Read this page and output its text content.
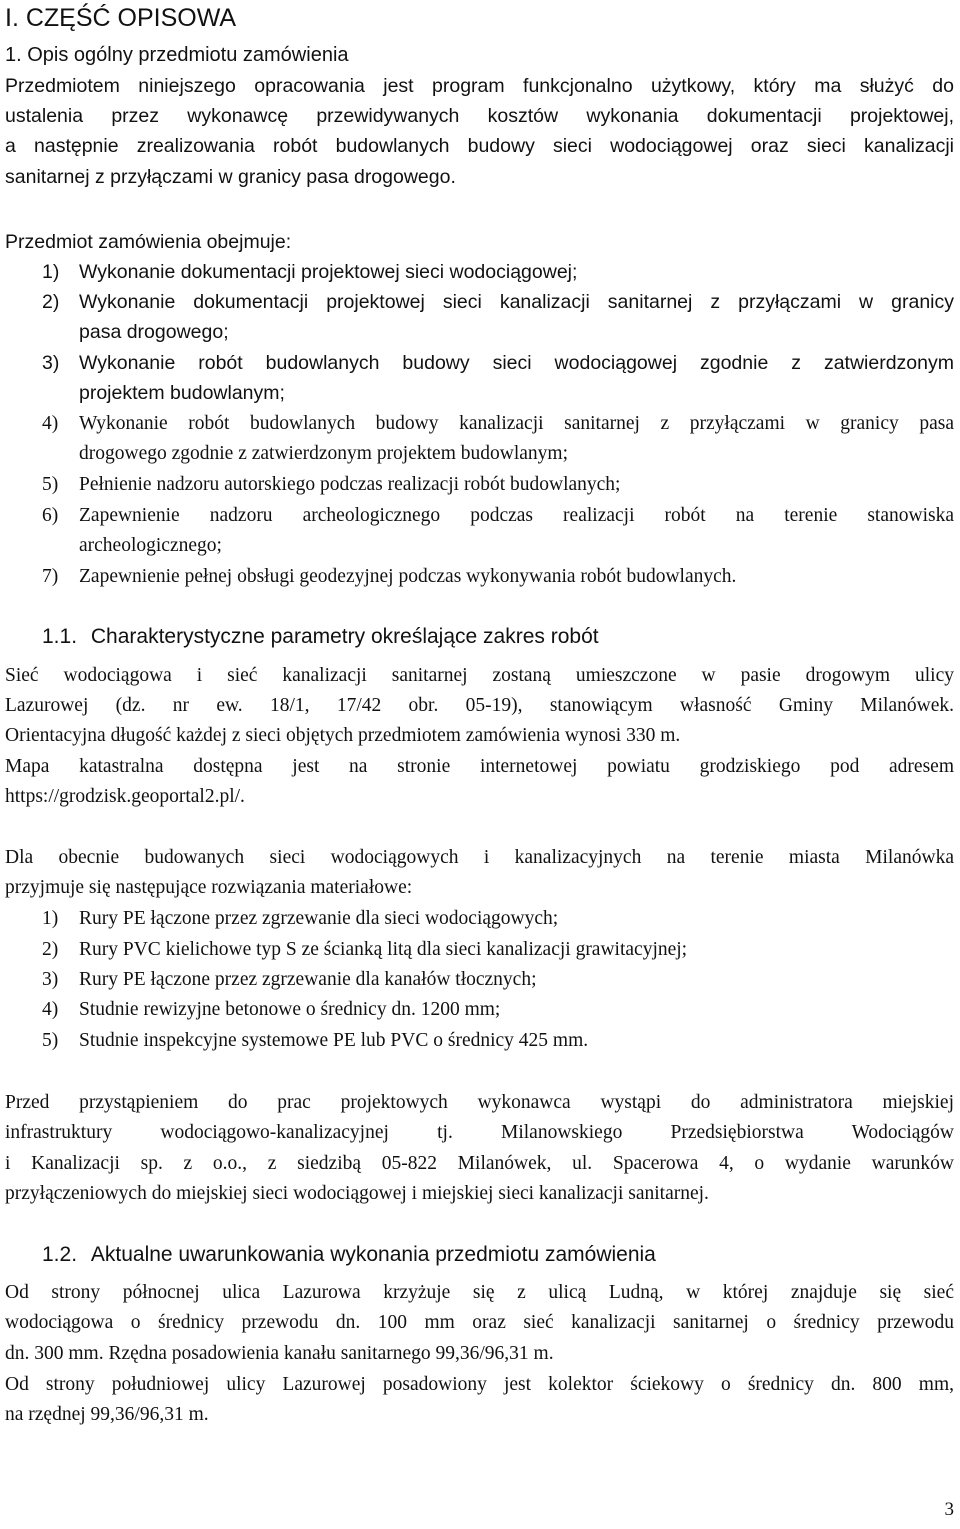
I. CZĘŚĆ OPISOWA
1. Opis ogólny przedmiotu zamówienia
Przedmiotem niniejszego opracowania jest program funkcjonalno użytkowy, który ma służyć do
ustalenia przez wykonawcę przewidywanych kosztów wykonania dokumentacji projektowej,
a następnie zrealizowania robót budowlanych budowy sieci wodociągowej oraz sieci kanalizacji
sanitarnej z przyłączami w granicy pasa drogowego.
Przedmiot zamówienia obejmuje:
1) Wykonanie dokumentacji projektowej sieci wodociągowej;
2) Wykonanie dokumentacji projektowej sieci kanalizacji sanitarnej z przyłączami w granicy
pasa drogowego;
3) Wykonanie robót budowlanych budowy sieci wodociągowej zgodnie z zatwierdzonym
projektem budowlanym;
4) Wykonanie robót budowlanych budowy kanalizacji sanitarnej z przyłączami w granicy pasa
drogowego zgodnie z zatwierdzonym projektem budowlanym;
5) Pełnienie nadzoru autorskiego podczas realizacji robót budowlanych;
6) Zapewnienie nadzoru archeologicznego podczas realizacji robót na terenie stanowiska
archeologicznego;
7) Zapewnienie pełnej obsługi geodezyjnej podczas wykonywania robót budowlanych.
1.1. Charakterystyczne parametry określające zakres robót
Sieć wodociągowa i sieć kanalizacji sanitarnej zostaną umieszczone w pasie drogowym ulicy
Lazurowej (dz. nr ew. 18/1, 17/42 obr. 05-19), stanowiącym własność Gminy Milanówek.
Orientacyjna długość każdej z sieci objętych przedmiotem zamówienia wynosi 330 m.
Mapa katastralna dostępna jest na stronie internetowej powiatu grodziskiego pod adresem
https://grodzisk.geoportal2.pl/.
Dla obecnie budowanych sieci wodociągowych i kanalizacyjnych na terenie miasta Milanówka
przyjmuje się następujące rozwiązania materiałowe:
1) Rury PE łączone przez zgrzewanie dla sieci wodociągowych;
2) Rury PVC kielichowe typ S ze ścianką litą dla sieci kanalizacji grawitacyjnej;
3) Rury PE łączone przez zgrzewanie dla kanałów tłocznych;
4) Studnie rewizyjne betonowe o średnicy dn. 1200 mm;
5) Studnie inspekcyjne systemowe PE lub PVC o średnicy 425 mm.
Przed przystąpieniem do prac projektowych wykonawca wystąpi do administratora miejskiej
infrastruktury wodociągowo-kanalizacyjnej tj. Milanowskiego Przedsiębiorstwa Wodociągów
i Kanalizacji sp. z o.o., z siedzibą 05-822 Milanówek, ul. Spacerowa 4, o wydanie warunków
przyłączeniowych do miejskiej sieci wodociągowej i miejskiej sieci kanalizacji sanitarnej.
1.2. Aktualne uwarunkowania wykonania przedmiotu zamówienia
Od strony północnej ulica Lazurowa krzyżuje się z ulicą Ludną, w której znajduje się sieć
wodociągowa o średnicy przewodu dn. 100 mm oraz sieć kanalizacji sanitarnej o średnicy przewodu
dn. 300 mm. Rzędna posadowienia kanału sanitarnego 99,36/96,31 m.
Od strony południowej ulicy Lazurowej posadowiony jest kolektor ściekowy o średnicy dn. 800 mm,
na rzędnej 99,36/96,31 m.
3
